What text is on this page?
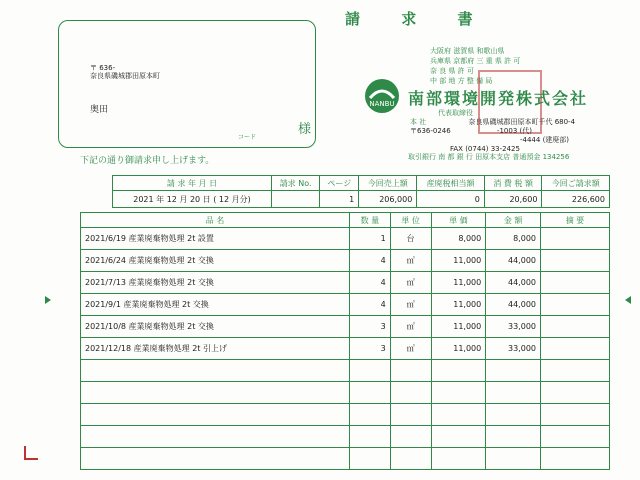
請 求 書
〒 636-
奈良県磯城郡田原本町
奥田
コード
様
大阪府 滋賀県 和歌山県
兵庫県 京都府 三 重 県 許 可
奈 良 県 許 可
中 部 地 方 整 備 局
NANBU 南部環境開発株式会社
代表取締役
本 社	奈良県磯城郡田原本町千代 680-4
〒636-0246	-1003 (代)
-4444 (建廃部)
FAX (0744) 33-2425
取引銀行 南 都 銀 行 田原本支店 普通預金 134256
下記の通り御請求申し上げます。
請 求 年 月 日	請求 No.	ページ	今回売上額	産廃税相当額	消 費 税 額	今回ご請求額
2021 年 12 月 20 日 ( 12 月分)		1	206,000	0	20,600	226,600
品 名	数 量	単 位	単 価	金 額	摘 要
2021/6/19 産業廃棄物処理 2t 設置	1	台	8,000	8,000	
2021/6/24 産業廃棄物処理 2t 交換	4	㎥	11,000	44,000	
2021/7/13 産業廃棄物処理 2t 交換	4	㎥	11,000	44,000	
2021/9/1 産業廃棄物処理 2t 交換	4	㎥	11,000	44,000	
2021/10/8 産業廃棄物処理 2t 交換	3	㎥	11,000	33,000	
2021/12/18 産業廃棄物処理 2t 引上げ	3	㎥	11,000	33,000	
